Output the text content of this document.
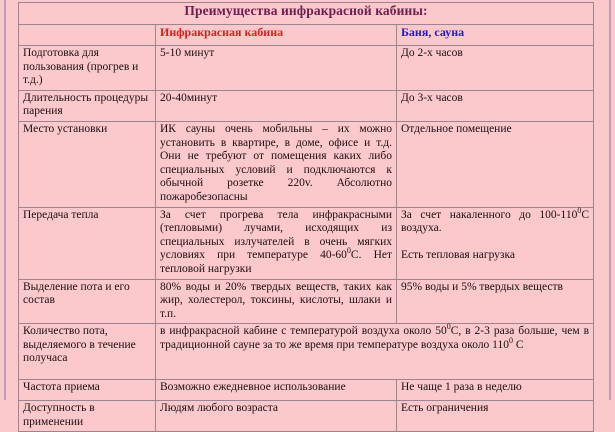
Преимущества инфракрасной кабины:		
	Инфракрасная кабина	Баня, сауна
Подготовка для пользования (прогрев и т.д.)	5-10 минут	До 2-х часов
Длительность процедуры парения	20-40минут	До 3-х часов
Место установки	ИК сауны очень мобильны – их можно установить в квартире, в доме, офисе и т.д. Они не требуют от помещения каких либо специальных условий и подключаются к обычной розетке 220v. Абсолютно пожаробезопасны	Отдельное помещение
Передача тепла	За счет прогрева тела инфракрасными (тепловыми) лучами, исходящих из специальных излучателей в очень мягких условиях при температуре $40-60^0С$. Нет тепловой нагрузки	За счет накаленного до $100-110^0С$ воздуха.
Есть тепловая нагрузка
Выделение пота и его состав	80% воды и 20% твердых веществ, таких как жир, холестерол, токсины, кислоты, шлаки и т.п.	95% воды и 5% твердых веществ
Количество пота, выделяемого в течение получаса	в инфракрасной кабине с температурой воздуха около $50^0С$, в 2-3 раза больше, чем в традиционной сауне за то же время при температуре воздуха около $110^0$ С	
Частота приема	Возможно ежедневное использование	Не чаще 1 раза в неделю
Доступность в применении	Людям любого возраста	Есть ограничения
